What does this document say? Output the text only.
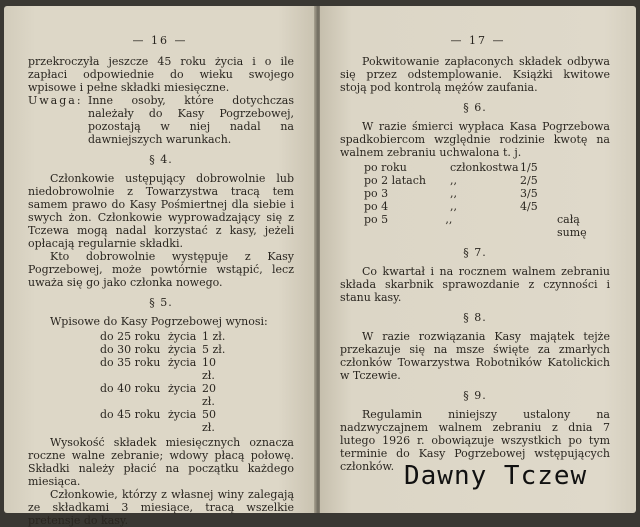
— 16 —

przekroczyła jeszcze 45 roku życia i o ile zapłaci odpowiednie do wieku swojego wpisowe i pełne składki miesięczne.

Uwaga: Inne osoby, które dotychczas należały do Kasy Pogrzebowej, pozostają w niej nadal na dawniejszych warunkach.
§ 4.

Członkowie ustępujący dobrowolnie lub niedobrowolnie z Towarzystwa tracą tem samem prawo do Kasy Pośmiertnej dla siebie i swych żon. Członkowie wyprowadzający się z Tczewa mogą nadal korzystać z kasy, jeżeli opłacają regularnie składki.

Kto dobrowolnie występuje z Kasy Pogrzebowej, może powtórnie wstąpić, lecz uważa się go jako członka nowego.

§ 5.

Wpisowe do Kasy Pogrzebowej wynosi:

do 25 roku życia 1 zł.
do 30 roku życia 5 zł.
do 35 roku życia 10 zł.
do 40 roku życia 20 zł.
do 45 roku życia 50 zł.

Wysokość składek miesięcznych oznacza roczne walne zebranie; wdowy płacą połowę. Składki należy płacić na początku każdego miesiąca.

Członkowie, którzy z własnej winy zalegają ze składkami 3 miesiące, tracą wszelkie pretensje do kasy.

— 17 —

Pokwitowanie zapłaconych składek odbywa się przez odstemplowanie. Książki kwitowe stoją pod kontrolą mężów zaufania.

§ 6.

W razie śmierci wypłaca Kasa Pogrzebowa spadkobiercom względnie rodzinie kwotę na walnem zebraniu uchwalona t. j.

po roku	członkostwa 1/5
po 2 latach	,,	2/5
po 3	,,	3/5
po 4	,,	4/5
po 5	,,	całą sumę
§ 7.

Co kwartał i na rocznem walnem zebraniu składa skarbnik sprawozdanie z czynności i stanu kasy.

§ 8.

W razie rozwiązania Kasy majątek tejże przekazuje się na msze święte za zmarłych członków Towarzystwa Robotników Katolickich w Tczewie.

§ 9.

Regulamin niniejszy ustalony na nadzwyczajnem walnem zebraniu z dnia 7 lutego 1926 r. obowiązuje wszystkich po tym terminie do Kasy Pogrzebowej wstępujących członków. Dawny Tczew
